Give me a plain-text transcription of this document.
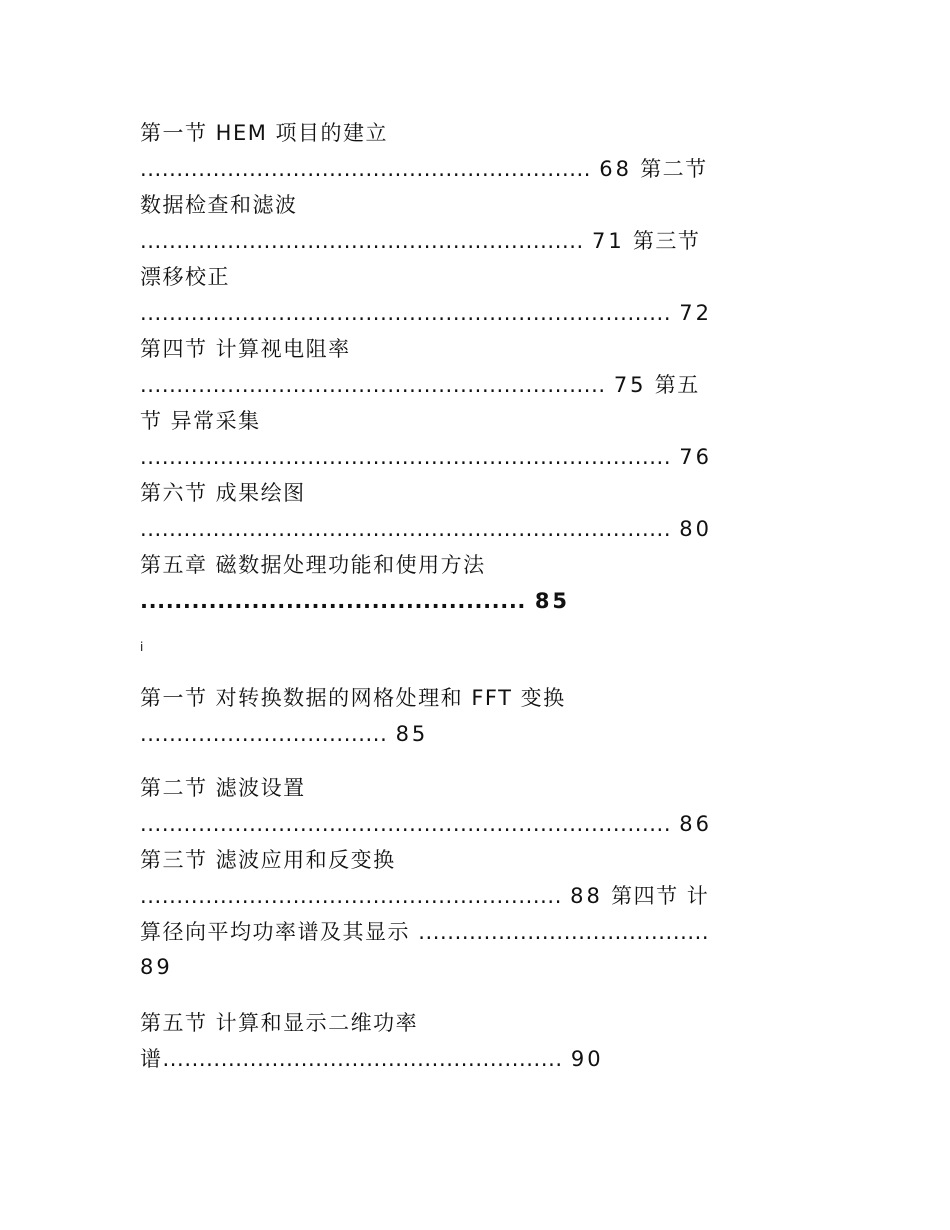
第一节 HEM 项目的建立

.............................................................. 68 第二节

数据检查和滤波

............................................................. 71 第三节

漂移校正

......................................................................... 72

第四节 计算视电阻率

................................................................ 75 第五

节 异常采集

......................................................................... 76

第六节 成果绘图

......................................................................... 80

第五章 磁数据处理功能和使用方法

............................................. 85

i

第一节 对转换数据的网格处理和 FFT 变换

.................................. 85

第二节 滤波设置

......................................................................... 86

第三节 滤波应用和反变换

.......................................................... 88 第四节 计

算径向平均功率谱及其显示 ........................................

89

第五节 计算和显示二维功率

谱....................................................... 90
